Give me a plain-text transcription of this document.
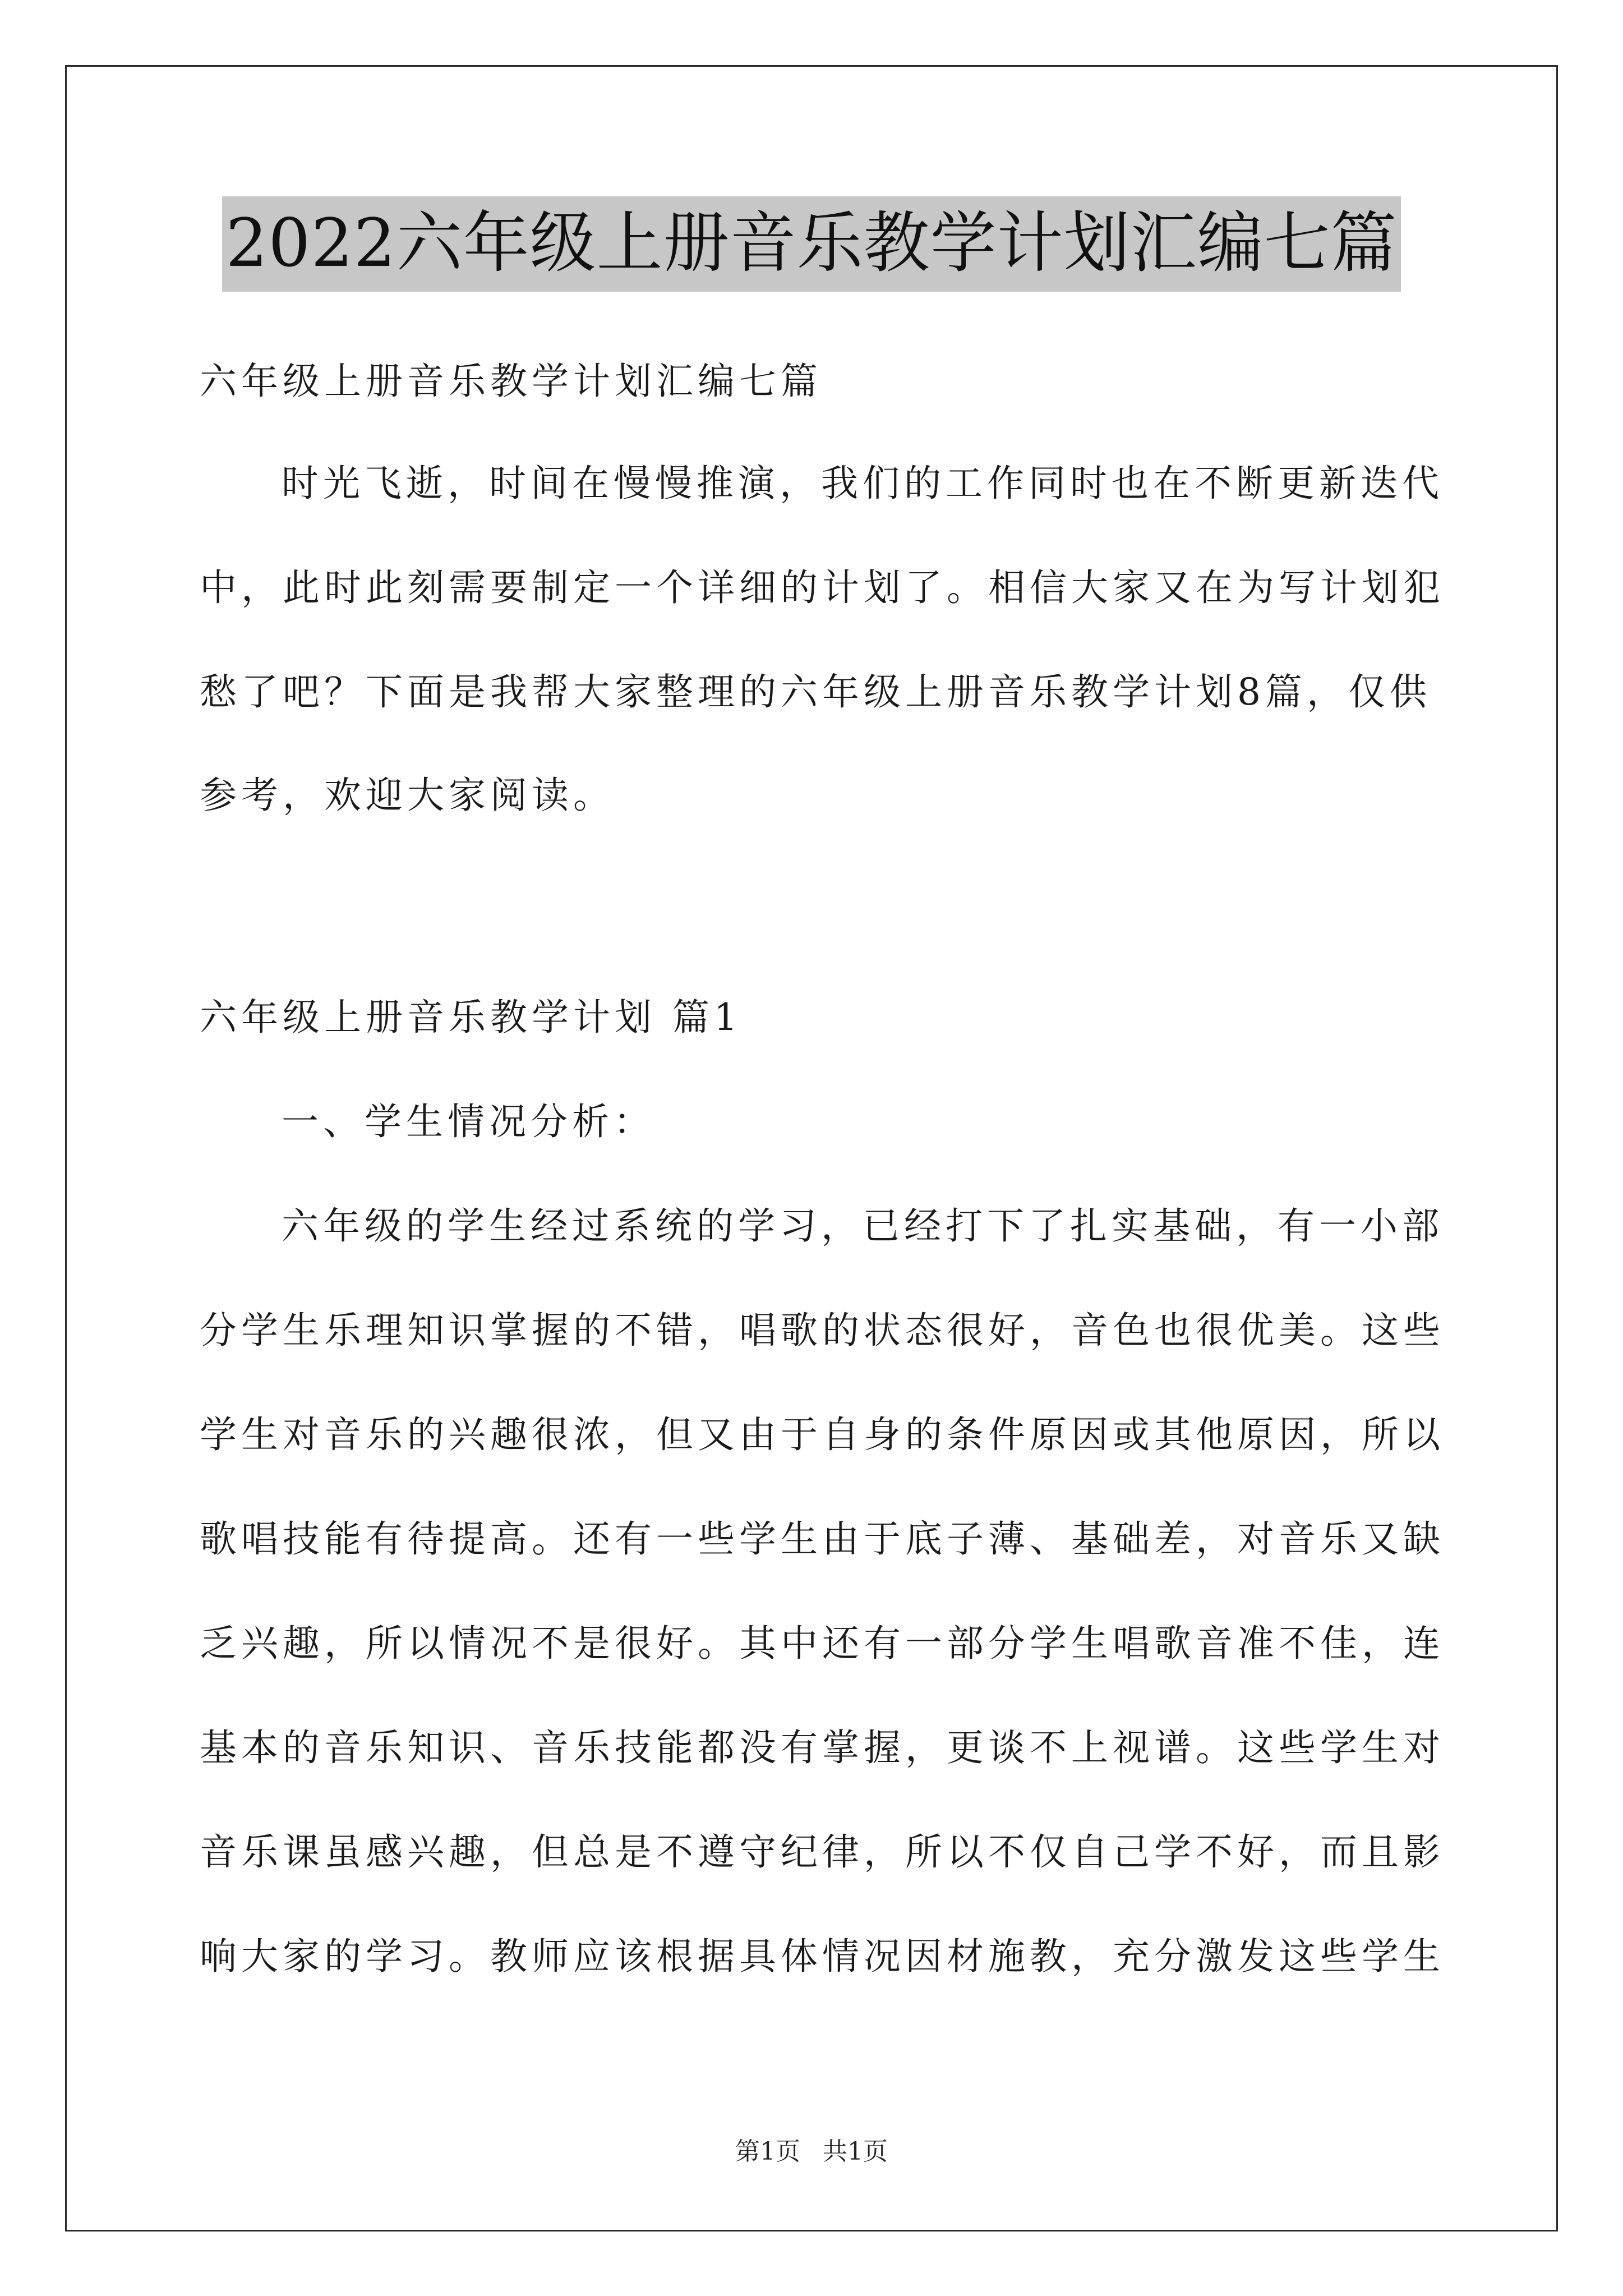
2022六年级上册音乐教学计划汇编七篇
六年级上册音乐教学计划汇编七篇
时光飞逝，时间在慢慢推演，我们的工作同时也在不断更新迭代
中，此时此刻需要制定一个详细的计划了。相信大家又在为写计划犯
愁了吧？下面是我帮大家整理的六年级上册音乐教学计划8篇，仅供
参考，欢迎大家阅读。
六年级上册音乐教学计划 篇1
一、学生情况分析：
六年级的学生经过系统的学习，已经打下了扎实基础，有一小部
分学生乐理知识掌握的不错，唱歌的状态很好，音色也很优美。这些
学生对音乐的兴趣很浓，但又由于自身的条件原因或其他原因，所以
歌唱技能有待提高。还有一些学生由于底子薄、基础差，对音乐又缺
乏兴趣，所以情况不是很好。其中还有一部分学生唱歌音准不佳，连
基本的音乐知识、音乐技能都没有掌握，更谈不上视谱。这些学生对
音乐课虽感兴趣，但总是不遵守纪律，所以不仅自己学不好，而且影
响大家的学习。教师应该根据具体情况因材施教，充分激发这些学生
第1页 共1页
